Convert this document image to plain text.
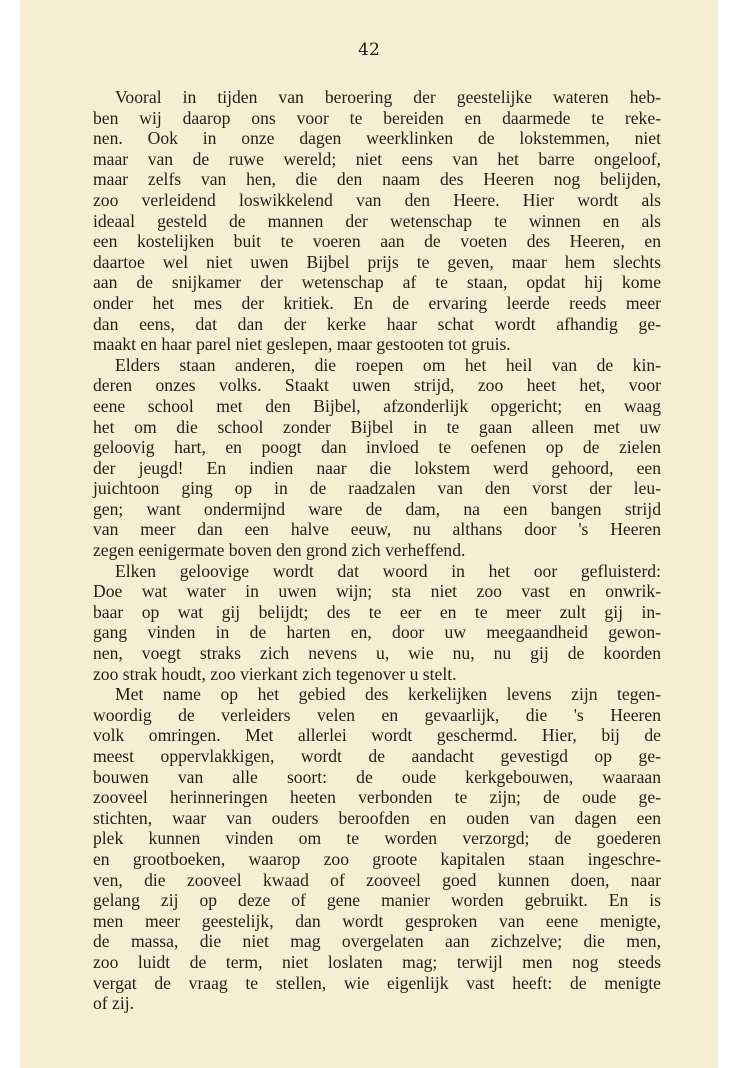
42
Vooral in tijden van beroering der geestelijke wateren heb-
ben wij daarop ons voor te bereiden en daarmede te reke-
nen. Ook in onze dagen weerklinken de lokstemmen, niet
maar van de ruwe wereld; niet eens van het barre ongeloof,
maar zelfs van hen, die den naam des Heeren nog belijden,
zoo verleidend loswikkelend van den Heere. Hier wordt als
ideaal gesteld de mannen der wetenschap te winnen en als
een kostelijken buit te voeren aan de voeten des Heeren, en
daartoe wel niet uwen Bijbel prijs te geven, maar hem slechts
aan de snijkamer der wetenschap af te staan, opdat hij kome
onder het mes der kritiek. En de ervaring leerde reeds meer
dan eens, dat dan der kerke haar schat wordt afhandig ge-
maakt en haar parel niet geslepen, maar gestooten tot gruis.
Elders staan anderen, die roepen om het heil van de kin-
deren onzes volks. Staakt uwen strijd, zoo heet het, voor
eene school met den Bijbel, afzonderlijk opgericht; en waag
het om die school zonder Bijbel in te gaan alleen met uw
geloovig hart, en poogt dan invloed te oefenen op de zielen
der jeugd! En indien naar die lokstem werd gehoord, een
juichtoon ging op in de raadzalen van den vorst der leu-
gen; want ondermijnd ware de dam, na een bangen strijd
van meer dan een halve eeuw, nu althans door 's Heeren
zegen eenigermate boven den grond zich verheffend.
Elken geloovige wordt dat woord in het oor gefluisterd:
Doe wat water in uwen wijn; sta niet zoo vast en onwrik-
baar op wat gij belijdt; des te eer en te meer zult gij in-
gang vinden in de harten en, door uw meegaandheid gewon-
nen, voegt straks zich nevens u, wie nu, nu gij de koorden
zoo strak houdt, zoo vierkant zich tegenover u stelt.
Met name op het gebied des kerkelijken levens zijn tegen-
woordig de verleiders velen en gevaarlijk, die 's Heeren
volk omringen. Met allerlei wordt geschermd. Hier, bij de
meest oppervlakkigen, wordt de aandacht gevestigd op ge-
bouwen van alle soort: de oude kerkgebouwen, waaraan
zooveel herinneringen heeten verbonden te zijn; de oude ge-
stichten, waar van ouders beroofden en ouden van dagen een
plek kunnen vinden om te worden verzorgd; de goederen
en grootboeken, waarop zoo groote kapitalen staan ingeschre-
ven, die zooveel kwaad of zooveel goed kunnen doen, naar
gelang zij op deze of gene manier worden gebruikt. En is
men meer geestelijk, dan wordt gesproken van eene menigte,
de massa, die niet mag overgelaten aan zichzelve; die men,
zoo luidt de term, niet loslaten mag; terwijl men nog steeds
vergat de vraag te stellen, wie eigenlijk vast heeft: de menigte
of zij.
